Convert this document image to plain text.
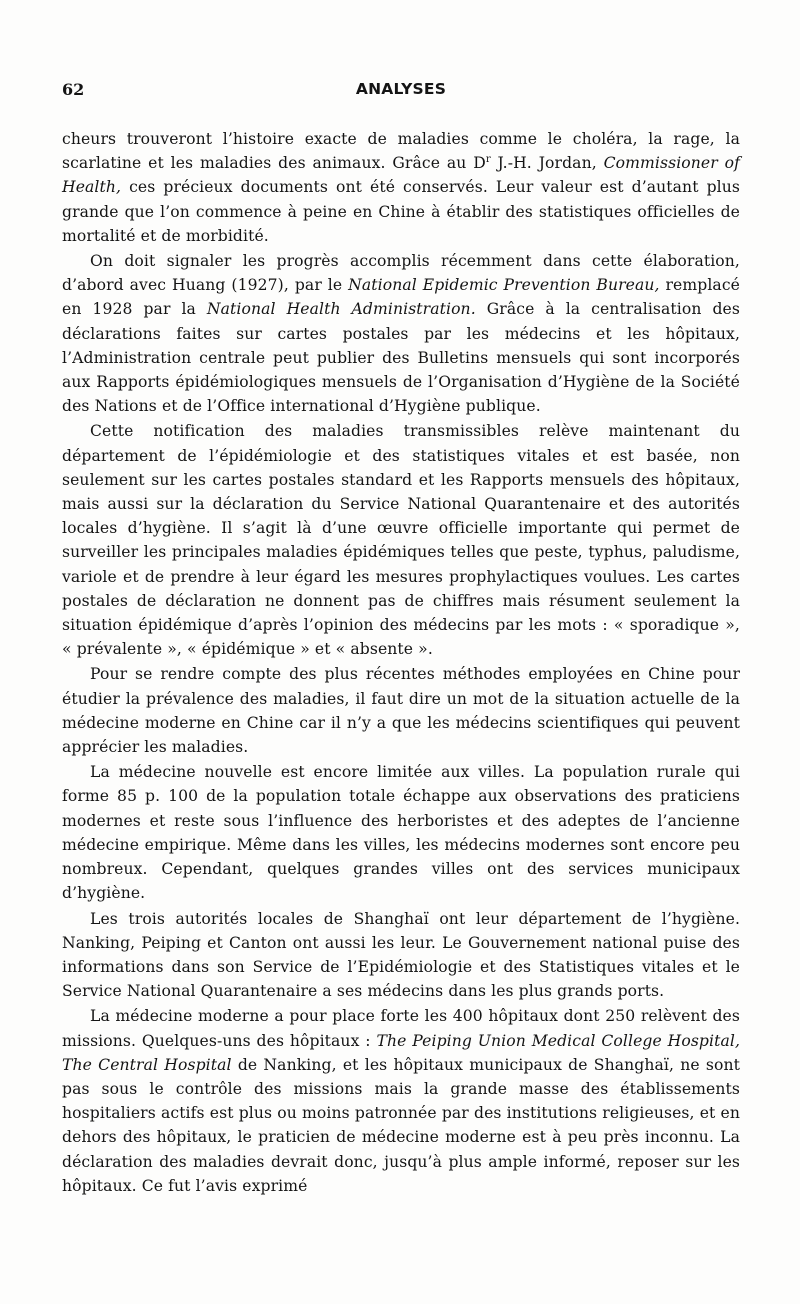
62	ANALYSES

cheurs trouveront l’histoire exacte de maladies comme le choléra, la rage, la scarlatine et les maladies des animaux. Grâce au $D^r$ J.-H. Jordan, Commissioner of Health, ces précieux documents ont été conservés. Leur valeur est d’autant plus grande que l’on commence à peine en Chine à établir des statistiques officielles de mortalité et de morbidité.

On doit signaler les progrès accomplis récemment dans cette élaboration, d’abord avec Huang (1927), par le National Epidemic Prevention Bureau, remplacé en 1928 par la National Health Administration. Grâce à la centralisation des déclarations faites sur cartes postales par les médecins et les hôpitaux, l’Administration centrale peut publier des Bulletins mensuels qui sont incorporés aux Rapports épidémiologiques mensuels de l’Organisation d’Hygiène de la Société des Nations et de l’Office international d’Hygiène publique.

Cette notification des maladies transmissibles relève maintenant du département de l’épidémiologie et des statistiques vitales et est basée, non seulement sur les cartes postales standard et les Rapports mensuels des hôpitaux, mais aussi sur la déclaration du Service National Quarantenaire et des autorités locales d’hygiène. Il s’agit là d’une œuvre officielle importante qui permet de surveiller les principales maladies épidémiques telles que peste, typhus, paludisme, variole et de prendre à leur égard les mesures prophylactiques voulues. Les cartes postales de déclaration ne donnent pas de chiffres mais résument seulement la situation épidémique d’après l’opinion des médecins par les mots : « sporadique », « prévalente », « épidémique » et « absente ».

Pour se rendre compte des plus récentes méthodes employées en Chine pour étudier la prévalence des maladies, il faut dire un mot de la situation actuelle de la médecine moderne en Chine car il n’y a que les médecins scientifiques qui peuvent apprécier les maladies.

La médecine nouvelle est encore limitée aux villes. La population rurale qui forme 85 p. 100 de la population totale échappe aux observations des praticiens modernes et reste sous l’influence des herboristes et des adeptes de l’ancienne médecine empirique. Même dans les villes, les médecins modernes sont encore peu nombreux. Cependant, quelques grandes villes ont des services municipaux d’hygiène.

Les trois autorités locales de Shanghaï ont leur département de l’hygiène. Nanking, Peiping et Canton ont aussi les leur. Le Gouvernement national puise des informations dans son Service de l’Epidémiologie et des Statistiques vitales et le Service National Quarantenaire a ses médecins dans les plus grands ports.

La médecine moderne a pour place forte les 400 hôpitaux dont 250 relèvent des missions. Quelques-uns des hôpitaux : The Peiping Union Medical College Hospital, The Central Hospital de Nanking, et les hôpitaux municipaux de Shanghaï, ne sont pas sous le contrôle des missions mais la grande masse des établissements hospitaliers actifs est plus ou moins patronnée par des institutions religieuses, et en dehors des hôpitaux, le praticien de médecine moderne est à peu près inconnu. La déclaration des maladies devrait donc, jusqu’à plus ample informé, reposer sur les hôpitaux. Ce fut l’avis exprimé
